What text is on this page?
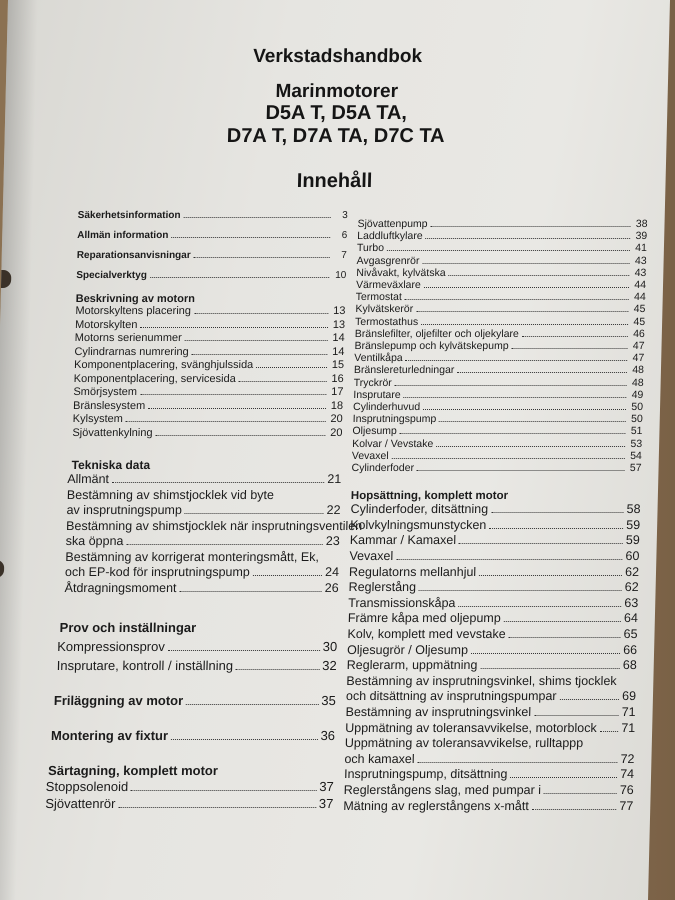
Verkstadshandbok
Marinmotorer
D5A T, D5A TA,
D7A T, D7A TA, D7C TA
Innehåll
Säkerhetsinformation	3
Allmän information	6
Reparationsanvisningar	7
Specialverktyg	10
Beskrivning av motorn
Motorskyltens placering	13
Motorskylten	13
Motorns serienummer	14
Cylindrarnas numrering	14
Komponentplacering, svänghjulssida	15
Komponentplacering, servicesida	16
Smörjsystem	17
Bränslesystem	18
Kylsystem	20
Sjövattenkylning	20
Tekniska data
Allmänt	21
Bestämning av shimstjocklek vid byte
av insprutningspump	22
Bestämning av shimstjocklek när insprutningsventilen
ska öppna	23
Bestämning av korrigerat monteringsmått, Ek,
och EP-kod för insprutningspump	24
Åtdragningsmoment	26
Prov och inställningar
Kompressionsprov	30
Insprutare, kontroll / inställning	32
Friläggning av motor	35
Montering av fixtur	36
Särtagning, komplett motor
Stoppsolenoid	37
Sjövattenrör	37
Sjövattenpump	38
Laddluftkylare	39
Turbo	41
Avgasgrenrör	43
Nivåvakt, kylvätska	43
Värmeväxlare	44
Termostat	44
Kylvätskerör	45
Termostathus	45
Bränslefilter, oljefilter och oljekylare	46
Bränslepump och kylvätskepump	47
Ventilkåpa	47
Bränslereturledningar	48
Tryckrör	48
Insprutare	49
Cylinderhuvud	50
Insprutningspump	50
Oljesump	51
Kolvar / Vevstake	53
Vevaxel	54
Cylinderfoder	57
Hopsättning, komplett motor
Cylinderfoder, ditsättning	58
Kolvkylningsmunstycken	59
Kammar / Kamaxel	59
Vevaxel	60
Regulatorns mellanhjul	62
Reglerstång	62
Transmissionskåpa	63
Främre kåpa med oljepump	64
Kolv, komplett med vevstake	65
Oljesugrör / Oljesump	66
Reglerarm, uppmätning	68
Bestämning av insprutningsvinkel, shims tjocklek
och ditsättning av insprutningspumpar	69
Bestämning av insprutningsvinkel	71
Uppmätning av toleransavvikelse, motorblock 71
Uppmätning av toleransavvikelse, rulltappp
och kamaxel	72
Insprutningspump, ditsättning	74
Reglerstångens slag, med pumpar i	76
Mätning av reglerstångens x-mått	77
